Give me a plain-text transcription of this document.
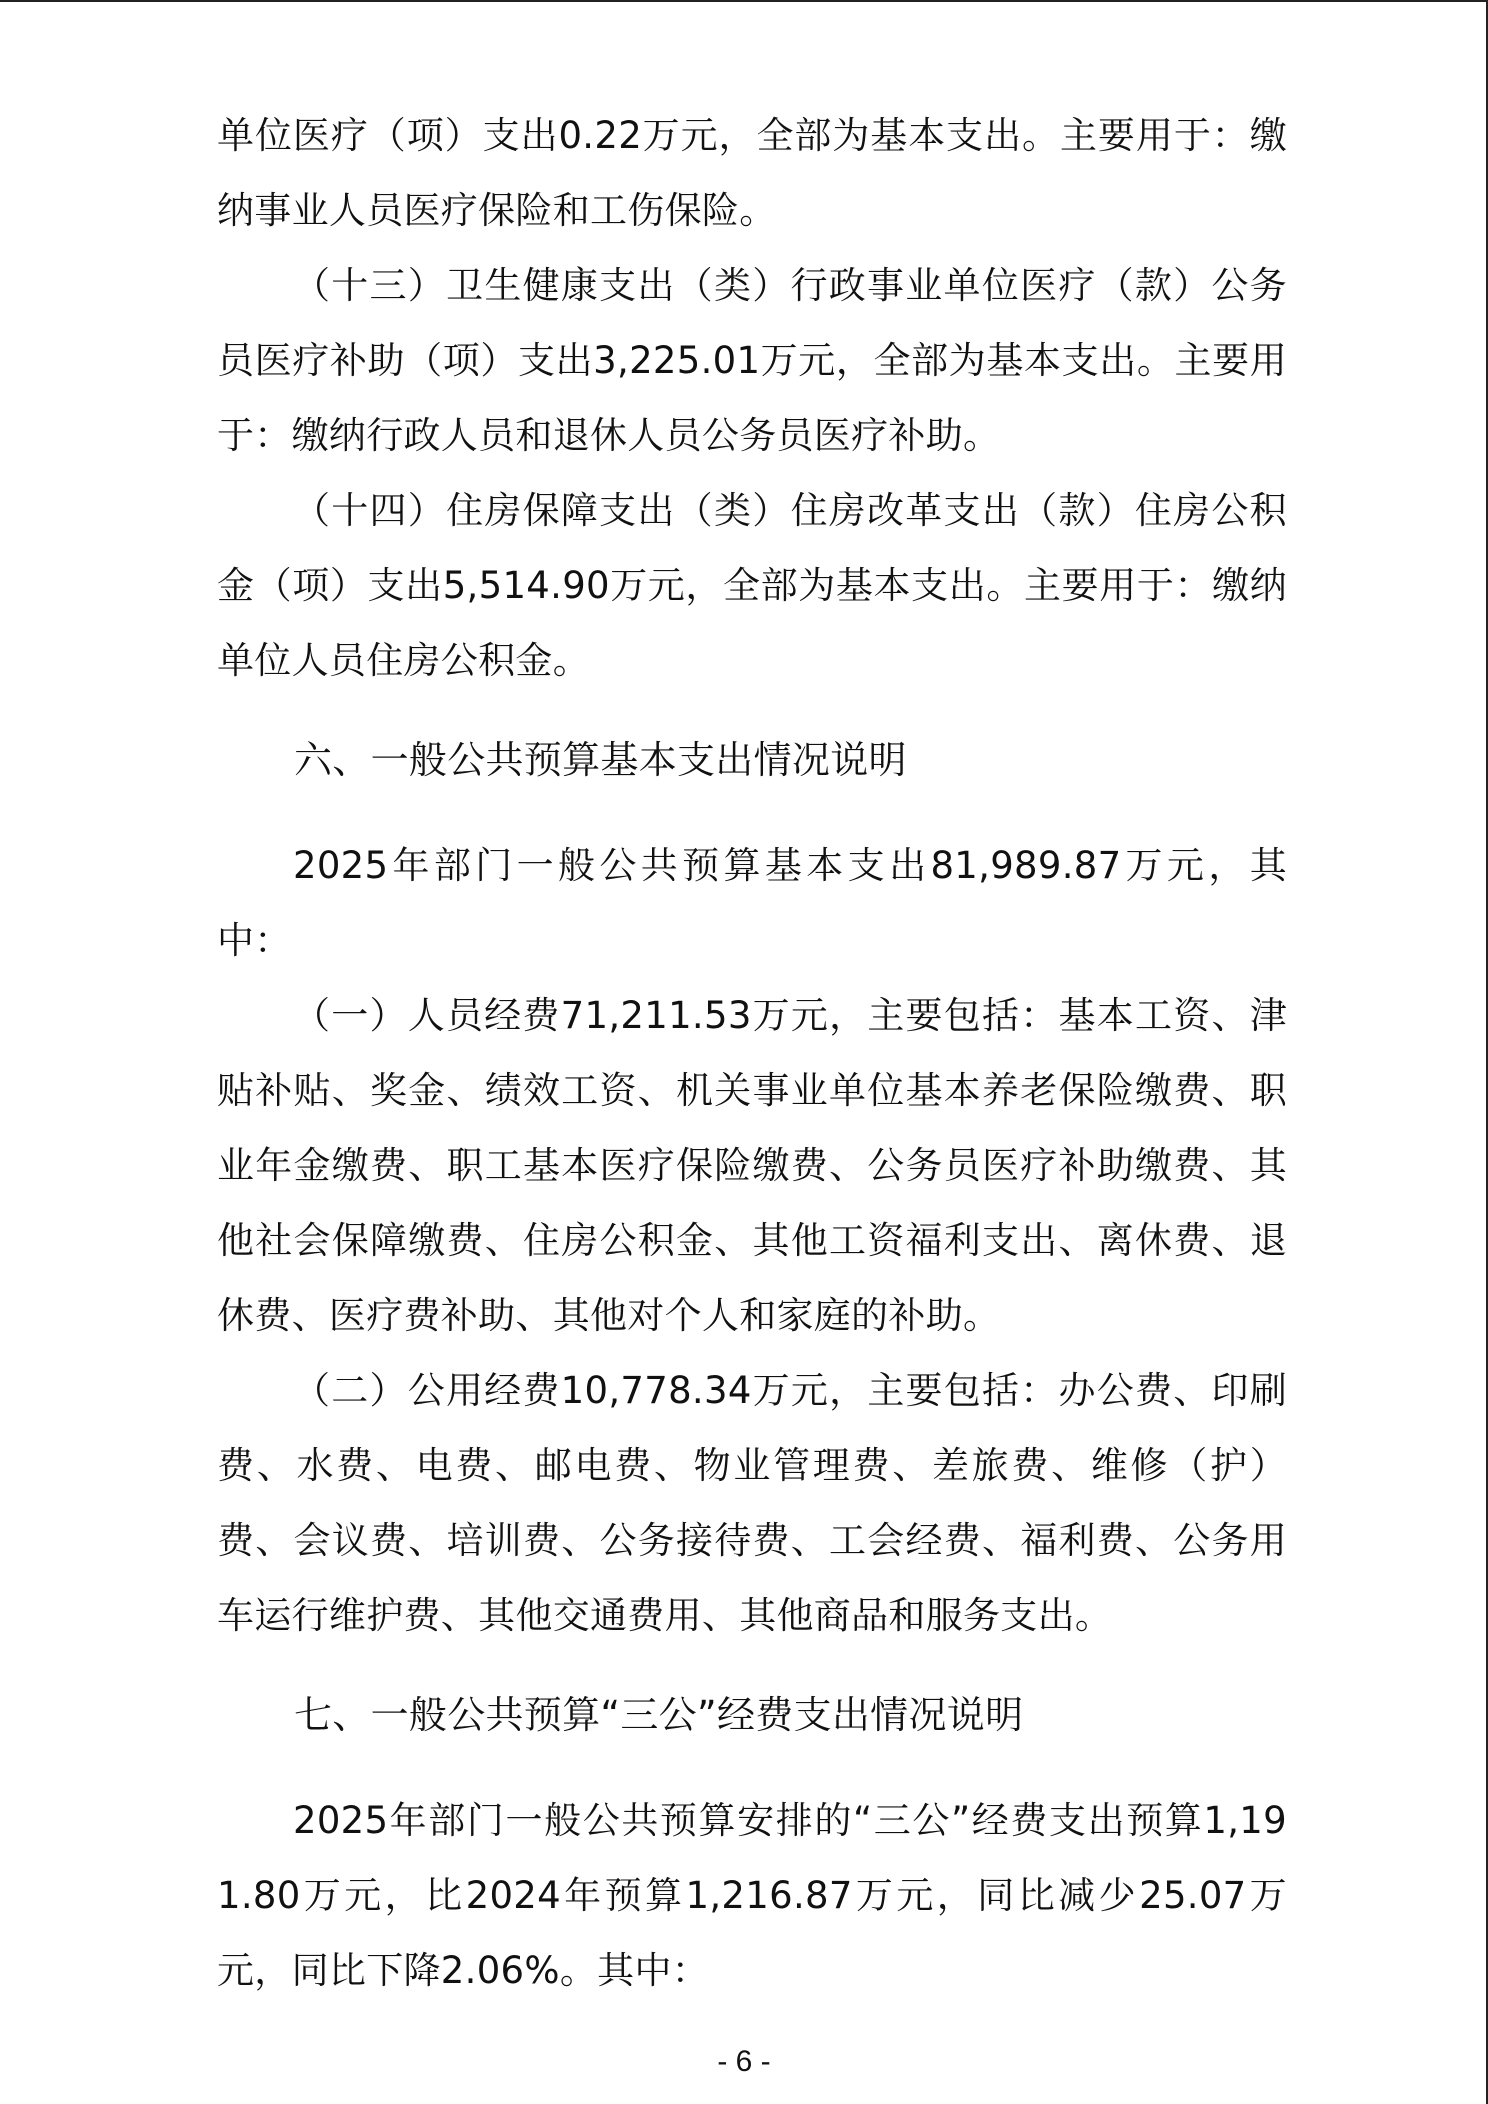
单位医疗（项）支出0.22万元，全部为基本支出。主要用于：缴纳事业人员医疗保险和工伤保险。

（十三）卫生健康支出（类）行政事业单位医疗（款）公务员医疗补助（项）支出3,225.01万元，全部为基本支出。主要用于：缴纳行政人员和退休人员公务员医疗补助。

（十四）住房保障支出（类）住房改革支出（款）住房公积金（项）支出5,514.90万元，全部为基本支出。主要用于：缴纳单位人员住房公积金。

六、一般公共预算基本支出情况说明

2025年部门一般公共预算基本支出81,989.87万元，其中：

（一）人员经费71,211.53万元，主要包括：基本工资、津贴补贴、奖金、绩效工资、机关事业单位基本养老保险缴费、职业年金缴费、职工基本医疗保险缴费、公务员医疗补助缴费、其他社会保障缴费、住房公积金、其他工资福利支出、离休费、退休费、医疗费补助、其他对个人和家庭的补助。

（二）公用经费10,778.34万元，主要包括：办公费、印刷费、水费、电费、邮电费、物业管理费、差旅费、维修（护）费、会议费、培训费、公务接待费、工会经费、福利费、公务用车运行维护费、其他交通费用、其他商品和服务支出。

七、一般公共预算“三公”经费支出情况说明

2025年部门一般公共预算安排的“三公”经费支出预算1,191.80万元，比2024年预算1,216.87万元，同比减少25.07万元，同比下降2.06%。其中：

- 6 -
